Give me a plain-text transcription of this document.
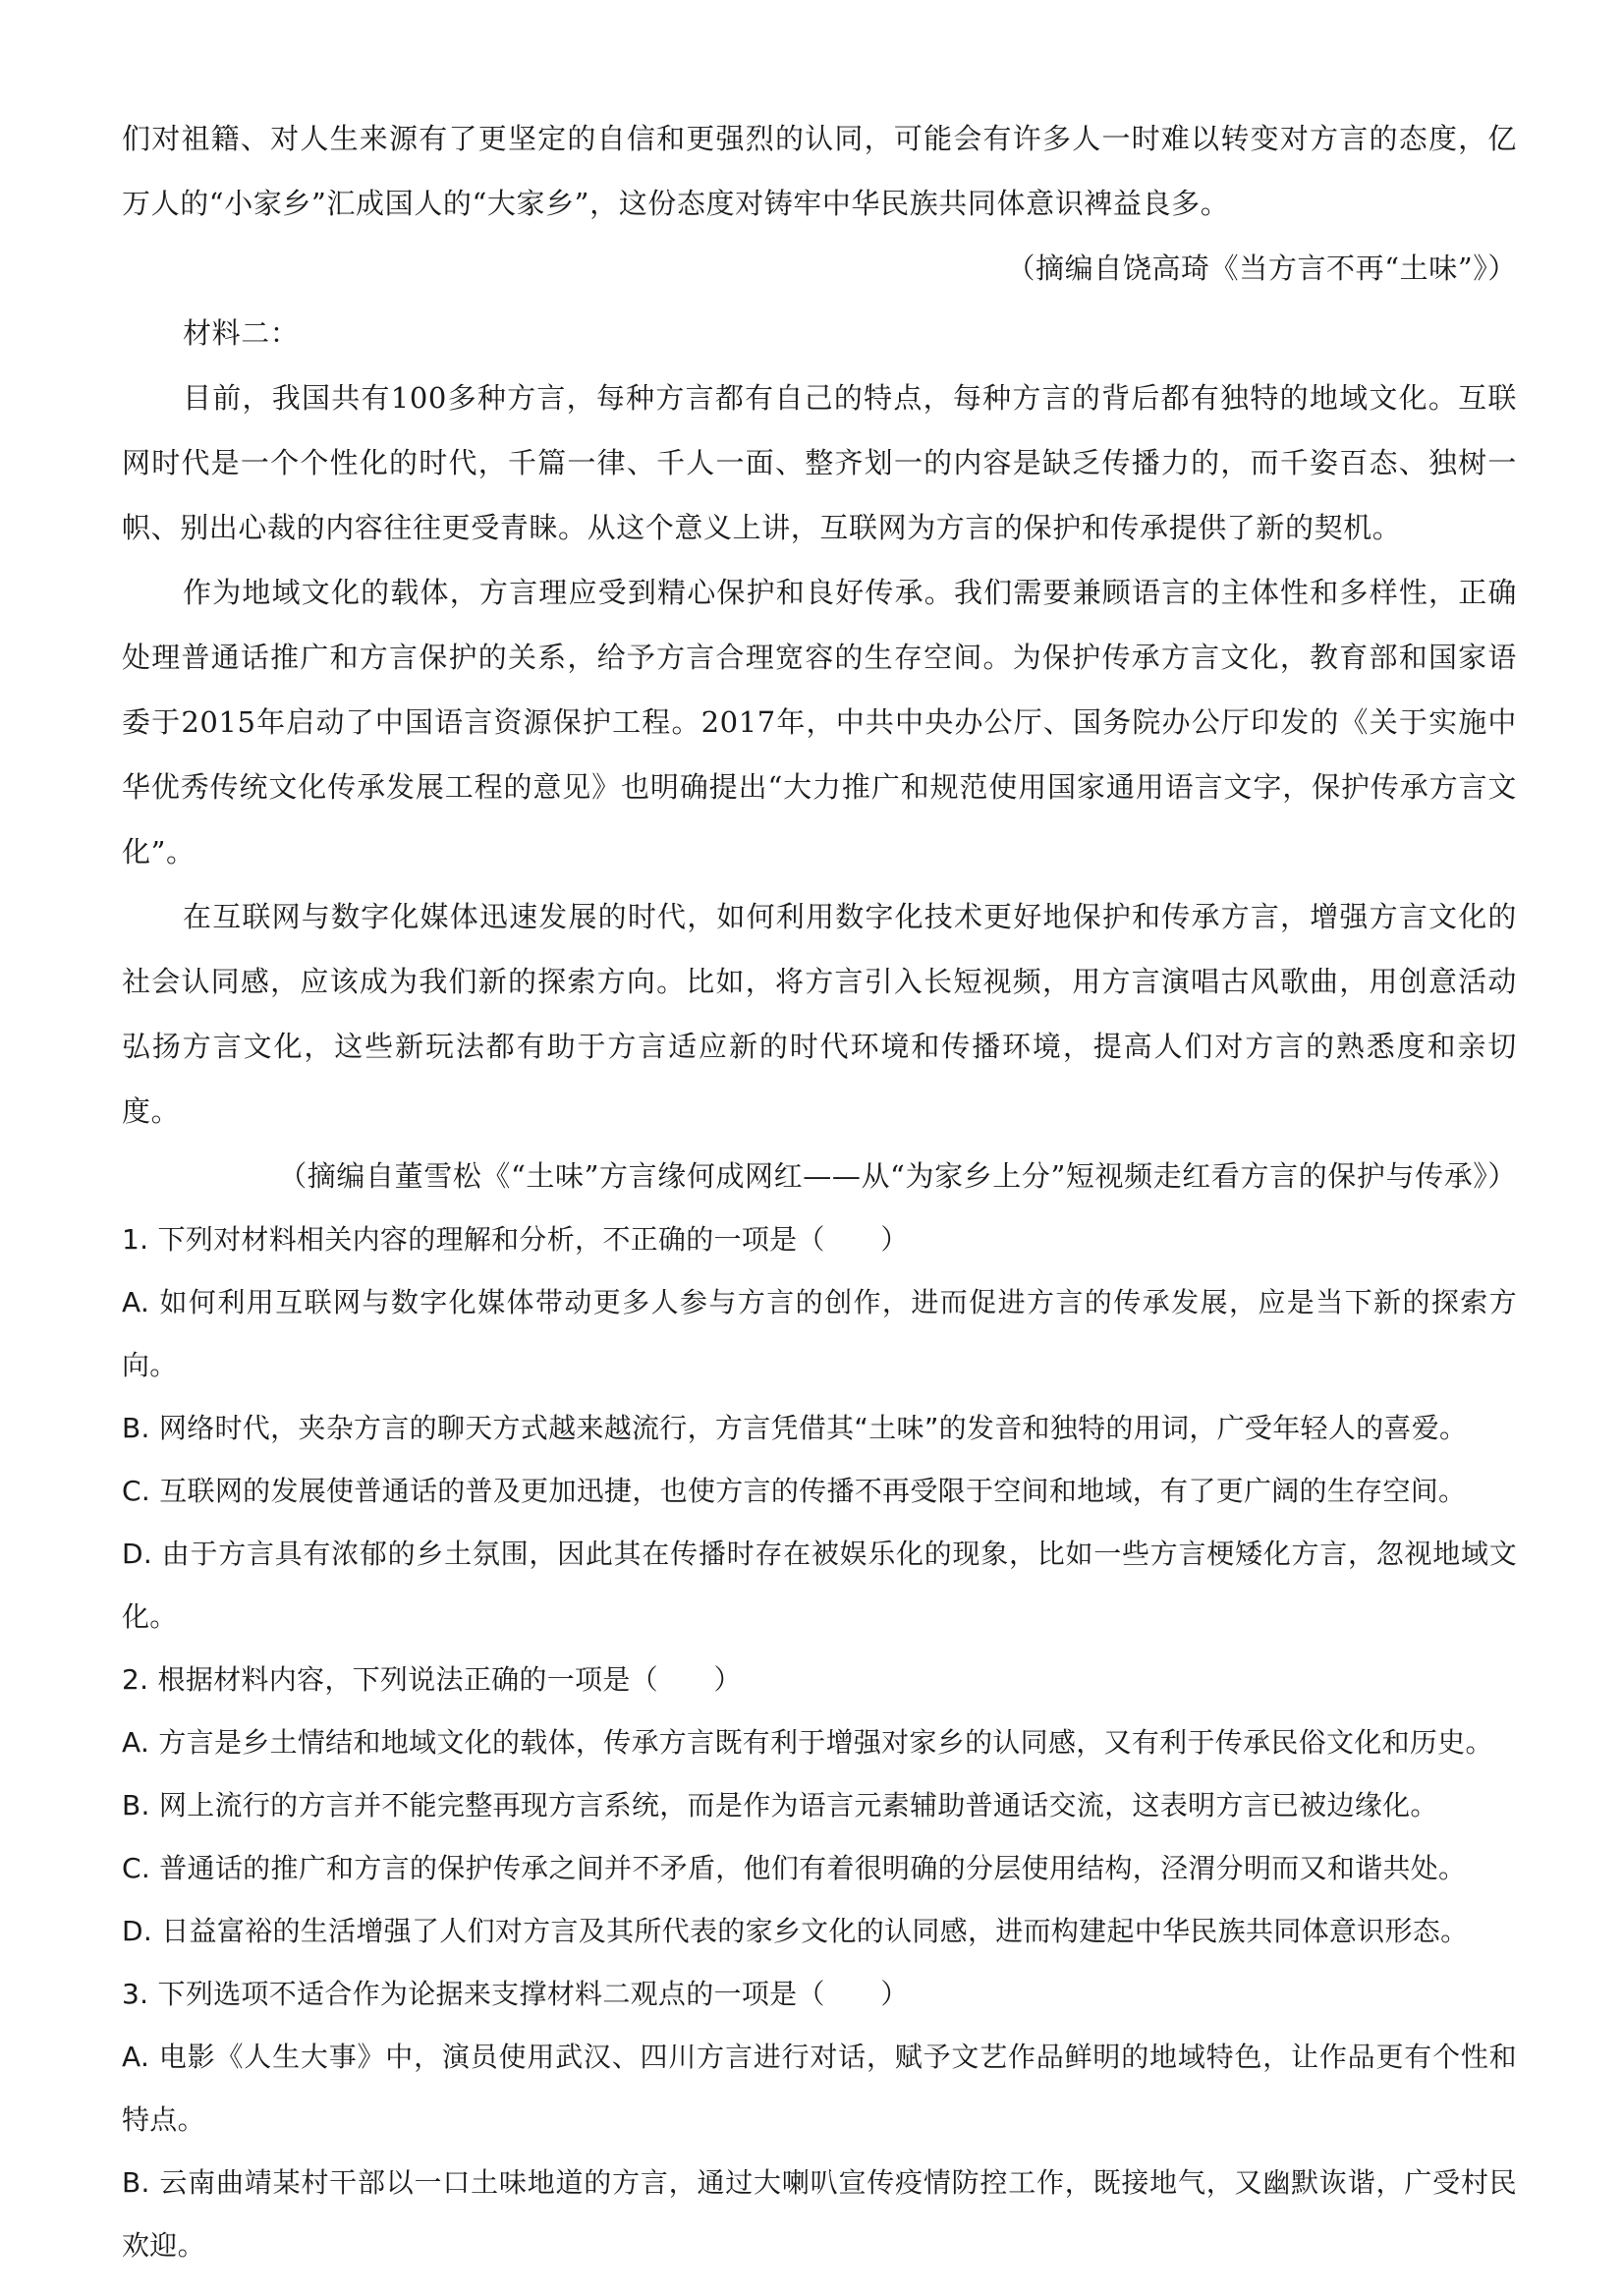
们对祖籍、对人生来源有了更坚定的自信和更强烈的认同，可能会有许多人一时难以转变对方言的态度，亿万人的“小家乡”汇成国人的“大家乡”，这份态度对铸牢中华民族共同体意识裨益良多。

（摘编自饶高琦《当方言不再“土味”》）

材料二：

目前，我国共有100多种方言，每种方言都有自己的特点，每种方言的背后都有独特的地域文化。互联网时代是一个个性化的时代，千篇一律、千人一面、整齐划一的内容是缺乏传播力的，而千姿百态、独树一帜、别出心裁的内容往往更受青睐。从这个意义上讲，互联网为方言的保护和传承提供了新的契机。

作为地域文化的载体，方言理应受到精心保护和良好传承。我们需要兼顾语言的主体性和多样性，正确处理普通话推广和方言保护的关系，给予方言合理宽容的生存空间。为保护传承方言文化，教育部和国家语委于2015年启动了中国语言资源保护工程。2017年，中共中央办公厅、国务院办公厅印发的《关于实施中华优秀传统文化传承发展工程的意见》也明确提出“大力推广和规范使用国家通用语言文字，保护传承方言文化”。

在互联网与数字化媒体迅速发展的时代，如何利用数字化技术更好地保护和传承方言，增强方言文化的社会认同感，应该成为我们新的探索方向。比如，将方言引入长短视频，用方言演唱古风歌曲，用创意活动弘扬方言文化，这些新玩法都有助于方言适应新的时代环境和传播环境，提高人们对方言的熟悉度和亲切度。

（摘编自董雪松《“土味”方言缘何成网红——从“为家乡上分”短视频走红看方言的保护与传承》）

1. 下列对材料相关内容的理解和分析，不正确的一项是（　　）

A. 如何利用互联网与数字化媒体带动更多人参与方言的创作，进而促进方言的传承发展，应是当下新的探索方向。

B. 网络时代，夹杂方言的聊天方式越来越流行，方言凭借其“土味”的发音和独特的用词，广受年轻人的喜爱。

C. 互联网的发展使普通话的普及更加迅捷，也使方言的传播不再受限于空间和地域，有了更广阔的生存空间。

D. 由于方言具有浓郁的乡土氛围，因此其在传播时存在被娱乐化的现象，比如一些方言梗矮化方言，忽视地域文化。

2. 根据材料内容，下列说法正确的一项是（　　）

A. 方言是乡土情结和地域文化的载体，传承方言既有利于增强对家乡的认同感，又有利于传承民俗文化和历史。

B. 网上流行的方言并不能完整再现方言系统，而是作为语言元素辅助普通话交流，这表明方言已被边缘化。

C. 普通话的推广和方言的保护传承之间并不矛盾，他们有着很明确的分层使用结构，泾渭分明而又和谐共处。

D. 日益富裕的生活增强了人们对方言及其所代表的家乡文化的认同感，进而构建起中华民族共同体意识形态。

3. 下列选项不适合作为论据来支撑材料二观点的一项是（　　）

A. 电影《人生大事》中，演员使用武汉、四川方言进行对话，赋予文艺作品鲜明的地域特色，让作品更有个性和特点。

B. 云南曲靖某村干部以一口土味地道的方言，通过大喇叭宣传疫情防控工作，既接地气，又幽默诙谐，广受村民欢迎。
